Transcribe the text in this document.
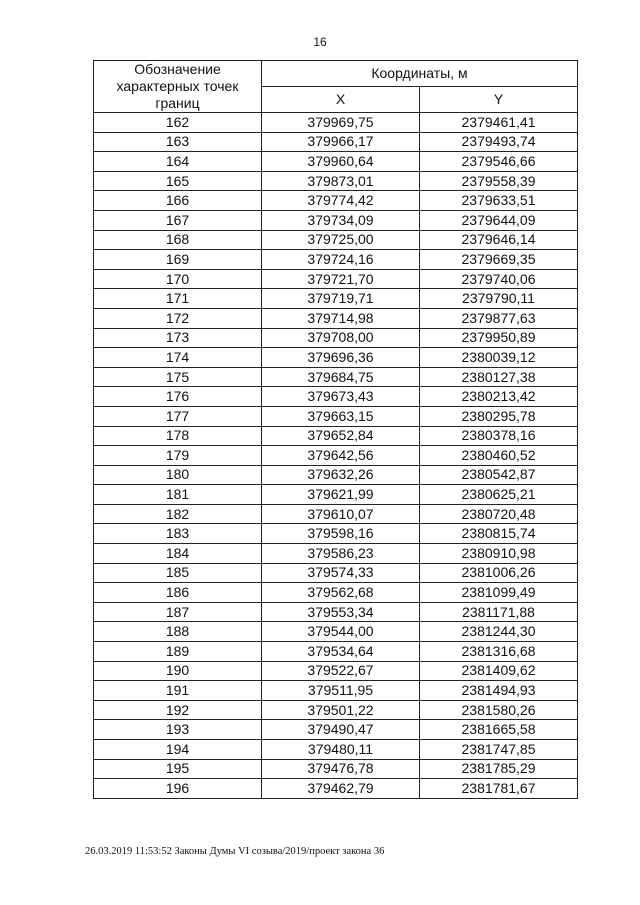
16
Обозначение характерных точек границ	Координаты, м	
	X	Y
162	379969,75	2379461,41
163	379966,17	2379493,74
164	379960,64	2379546,66
165	379873,01	2379558,39
166	379774,42	2379633,51
167	379734,09	2379644,09
168	379725,00	2379646,14
169	379724,16	2379669,35
170	379721,70	2379740,06
171	379719,71	2379790,11
172	379714,98	2379877,63
173	379708,00	2379950,89
174	379696,36	2380039,12
175	379684,75	2380127,38
176	379673,43	2380213,42
177	379663,15	2380295,78
178	379652,84	2380378,16
179	379642,56	2380460,52
180	379632,26	2380542,87
181	379621,99	2380625,21
182	379610,07	2380720,48
183	379598,16	2380815,74
184	379586,23	2380910,98
185	379574,33	2381006,26
186	379562,68	2381099,49
187	379553,34	2381171,88
188	379544,00	2381244,30
189	379534,64	2381316,68
190	379522,67	2381409,62
191	379511,95	2381494,93
192	379501,22	2381580,26
193	379490,47	2381665,58
194	379480,11	2381747,85
195	379476,78	2381785,29
196	379462,79	2381781,67
26.03.2019 11:53:52 Законы Думы VI созыва/2019/проект закона 36
